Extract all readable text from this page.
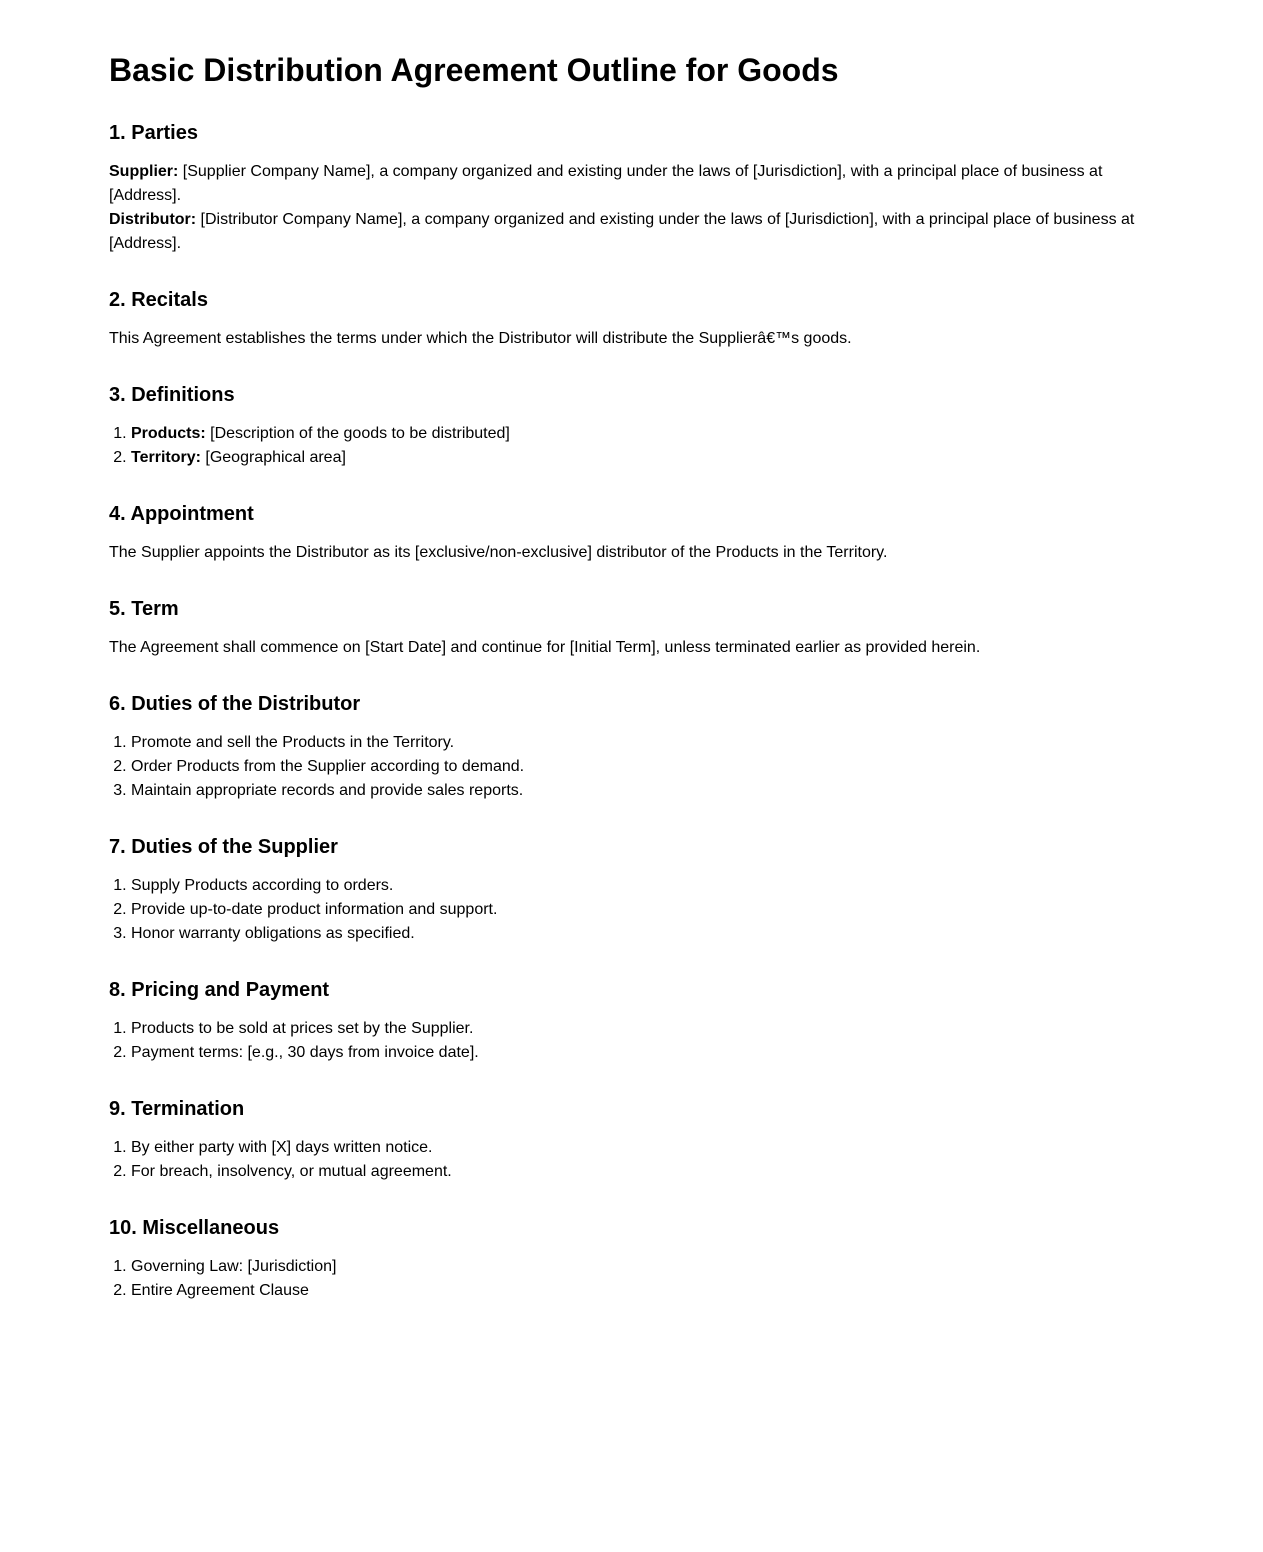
Basic Distribution Agreement Outline for Goods
1. Parties

Supplier: [Supplier Company Name], a company organized and existing under the laws of [Jurisdiction], with a principal place of business at [Address].

Distributor: [Distributor Company Name], a company organized and existing under the laws of [Jurisdiction], with a principal place of business at [Address].

2. Recitals

This Agreement establishes the terms under which the Distributor will distribute the Supplierâ€™s goods.

3. Definitions
1. Products: [Description of the goods to be distributed]
2. Territory: [Geographical area]
4. Appointment

The Supplier appoints the Distributor as its [exclusive/non-exclusive] distributor of the Products in the Territory.

5. Term

The Agreement shall commence on [Start Date] and continue for [Initial Term], unless terminated earlier as provided herein.

6. Duties of the Distributor
1. Promote and sell the Products in the Territory.
2. Order Products from the Supplier according to demand.
3. Maintain appropriate records and provide sales reports.
7. Duties of the Supplier
1. Supply Products according to orders.
2. Provide up-to-date product information and support.
3. Honor warranty obligations as specified.
8. Pricing and Payment
1. Products to be sold at prices set by the Supplier.
2. Payment terms: [e.g., 30 days from invoice date].
9. Termination
1. By either party with [X] days written notice.
2. For breach, insolvency, or mutual agreement.
10. Miscellaneous
1. Governing Law: [Jurisdiction]
2. Entire Agreement Clause
